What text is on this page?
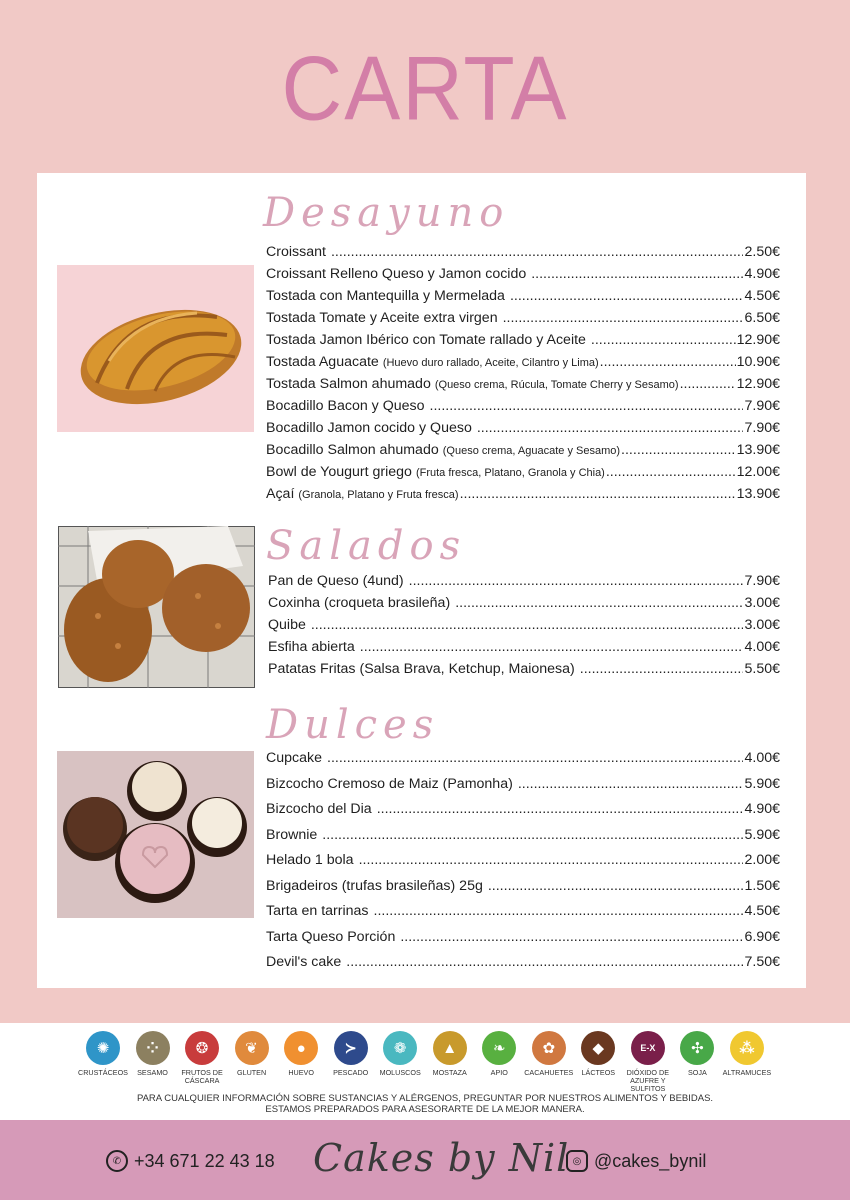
CARTA
Desayuno
Croissant .....	2.50€
Croissant Relleno Queso y Jamon cocido .....	4.90€
Tostada con Mantequilla y Mermelada .....	4.50€
Tostada Tomate y Aceite extra virgen .....	6.50€
Tostada Jamon Ibérico con Tomate rallado y Aceite .....	12.90€
Tostada Aguacate (Huevo duro rallado, Aceite, Cilantro y Lima) .....	10.90€
Tostada Salmon ahumado (Queso crema, Rúcula, Tomate Cherry y Sesamo) .....	12.90€
Bocadillo Bacon y Queso .....	7.90€
Bocadillo Jamon cocido y Queso .....	7.90€
Bocadillo Salmon ahumado (Queso crema, Aguacate y Sesamo) .....	13.90€
Bowl de Yougurt griego (Fruta fresca, Platano, Granola y Chia) .....	12.00€
Açaí (Granola, Platano y Fruta fresca) .....	13.90€
Salados
Pan de Queso (4und) .....	7.90€
Coxinha (croqueta brasileña) .....	3.00€
Quibe .....	3.00€
Esfiha abierta .....	4.00€
Patatas Fritas (Salsa Brava, Ketchup, Maionesa) .....	5.50€
Dulces
Cupcake .....	4.00€
Bizcocho Cremoso de Maiz (Pamonha) .....	5.90€
Bizcocho del Dia .....	4.90€
Brownie .....	5.90€
Helado 1 bola .....	2.00€
Brigadeiros (trufas brasileñas) 25g .....	1.50€
Tarta en tarrinas .....	4.50€
Tarta Queso Porción .....	6.90€
Devil's cake .....	7.50€
✺
CRUSTÁCEOS
⁘
SESAMO
❂
FRUTOS DE CÁSCARA
❦
GLUTEN
●
HUEVO
≻
PESCADO
❁
MOLUSCOS
▲
MOSTAZA
❧
APIO
✿
CACAHUETES
◆
LÁCTEOS
E-X
DIÓXIDO DE AZUFRE Y SULFITOS
✣
SOJA
⁂
ALTRAMUCES
PARA CUALQUIER INFORMACIÓN SOBRE SUSTANCIAS Y ALÉRGENOS, PREGUNTAR POR NUESTROS ALIMENTOS Y BEBIDAS.
ESTAMOS PREPARADOS PARA ASESORARTE DE LA MEJOR MANERA.
✆ +34 671 22 43 18 Cakes by Nil ◎ @cakes_bynil
